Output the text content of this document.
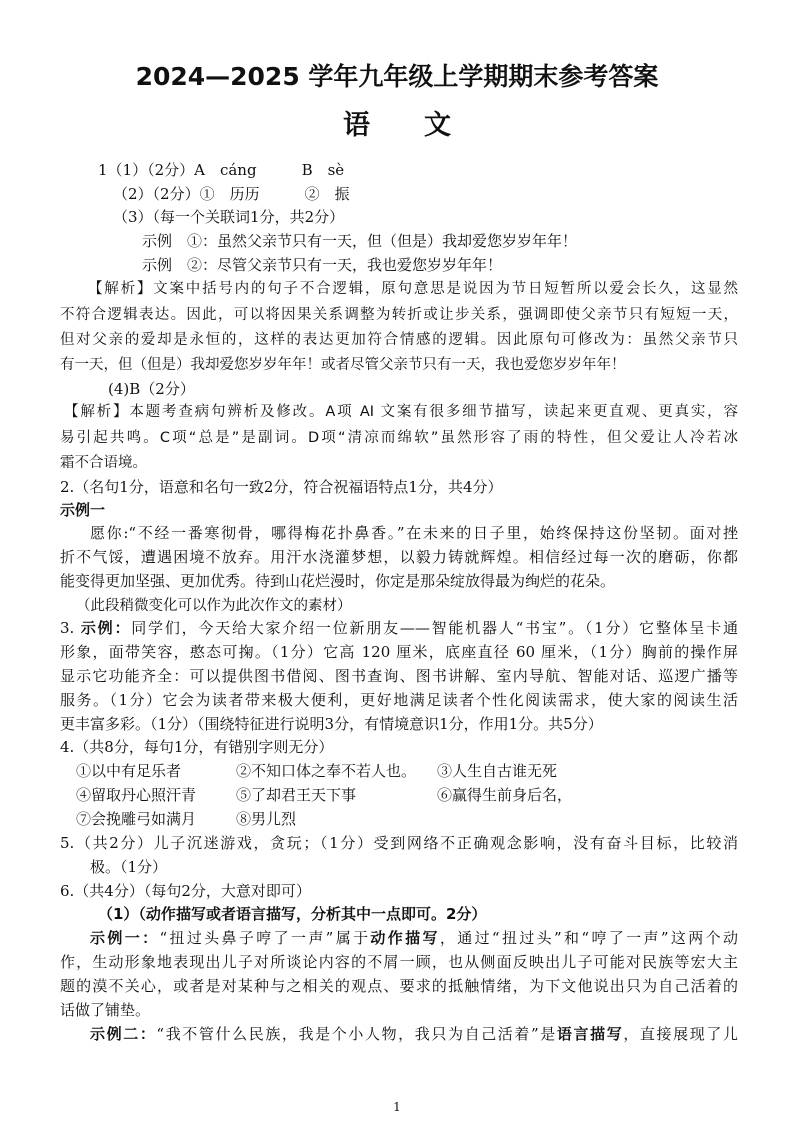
2024—2025 学年九年级上学期期末参考答案
语　　文
1（1）（2分）A　cáng　　　B　sè
（2）（2分）①　历历　　　②　振
（3）（每一个关联词1分，共2分）
示例　①：虽然父亲节只有一天，但（但是）我却爱您岁岁年年！
示例　②：尽管父亲节只有一天，我也爱您岁岁年年！
【解析】文案中括号内的句子不合逻辑，原句意思是说因为节日短暂所以爱会长久，这显然
不符合逻辑表达。因此，可以将因果关系调整为转折或让步关系，强调即使父亲节只有短短一天，
但对父亲的爱却是永恒的，这样的表达更加符合情感的逻辑。因此原句可修改为：虽然父亲节只
有一天，但（但是）我却爱您岁岁年年！或者尽管父亲节只有一天，我也爱您岁岁年年！
(4)B（2分）
【解析】本题考查病句辨析及修改。A项 AI 文案有很多细节描写，读起来更直观、更真实，容
易引起共鸣。C项“总是”是副词。D项“清凉而绵软”虽然形容了雨的特性，但父爱让人冷若冰
霜不合语境。
2.（名句1分，语意和名句一致2分，符合祝福语特点1分，共4分）
示例一
愿你:“不经一番寒彻骨，哪得梅花扑鼻香。”在未来的日子里，始终保持这份坚韧。面对挫
折不气馁，遭遇困境不放弃。用汗水浇灌梦想，以毅力铸就辉煌。相信经过每一次的磨砺，你都
能变得更加坚强、更加优秀。待到山花烂漫时，你定是那朵绽放得最为绚烂的花朵。
（此段稍微变化可以作为此次作文的素材）
3. 示例：同学们，今天给大家介绍一位新朋友——智能机器人“书宝”。（1分）它整体呈卡通
形象，面带笑容，憨态可掬。（1分）它高 120 厘米，底座直径 60 厘米，（1分）胸前的操作屏
显示它功能齐全：可以提供图书借阅、图书查询、图书讲解、室内导航、智能对话、巡逻广播等
服务。（1分）它会为读者带来极大便利，更好地满足读者个性化阅读需求，使大家的阅读生活
更丰富多彩。（1分）（围绕特征进行说明3分，有情境意识1分，作用1分。共5分）
4.（共8分，每句1分，有错别字则无分）
①以中有足乐者	②不知口体之奉不若人也。 ③人生自古谁无死
④留取丹心照汗青	⑤了却君王天下事	⑥赢得生前身后名，
⑦会挽雕弓如满月	⑧男儿烈
5.（共2分）儿子沉迷游戏，贪玩；（1分）受到网络不正确观念影响，没有奋斗目标，比较消
极。（1分）
6.（共4分）（每句2分，大意对即可）
（1）（动作描写或者语言描写，分析其中一点即可。2分）
示例一：“扭过头鼻子哼了一声”属于动作描写，通过“扭过头”和“哼了一声”这两个动
作，生动形象地表现出儿子对所谈论内容的不屑一顾，也从侧面反映出儿子可能对民族等宏大主
题的漠不关心，或者是对某种与之相关的观点、要求的抵触情绪，为下文他说出只为自己活着的
话做了铺垫。
示例二：“我不管什么民族，我是个小人物，我只为自己活着”是语言描写，直接展现了儿
1
